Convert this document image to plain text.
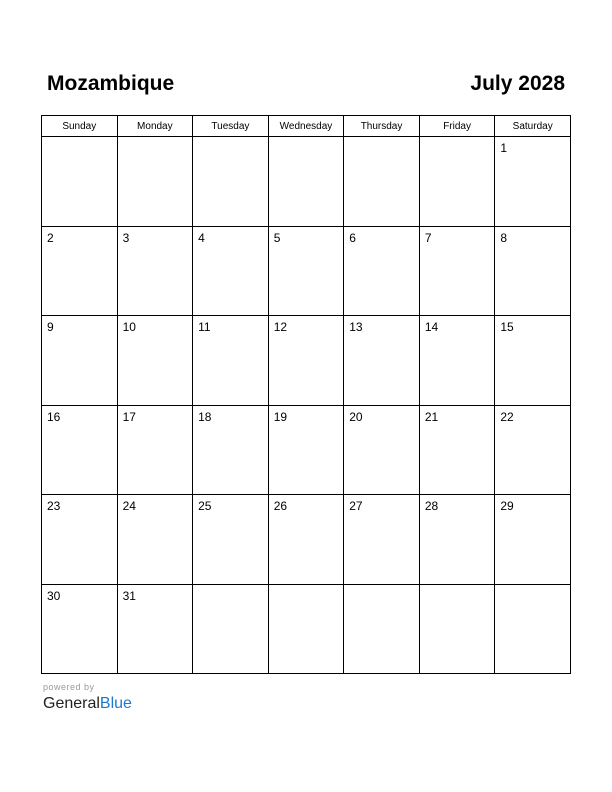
Mozambique	July 2028
Sunday	Monday	Tuesday	Wednesday	Thursday	Friday	Saturday

						1

2	3	4	5	6	7	8

9	10	11	12	13	14	15

16	17	18	19	20	21	22

23	24	25	26	27	28	29

30	31					

powered by
GeneralBlue
